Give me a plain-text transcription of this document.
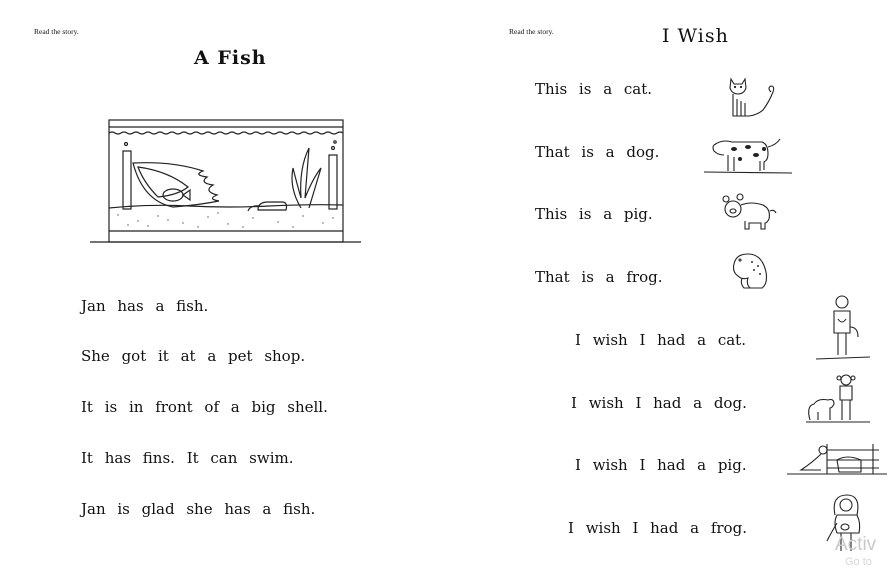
Read the story.
A Fish
Jan has a fish.
She got it at a pet shop.
It is in front of a big shell.
It has fins. It can swim.
Jan is glad she has a fish.
Read the story.	I Wish
This is a cat.
That is a dog.
This is a pig.
That is a frog.
I wish I had a cat.
I wish I had a dog.
I wish I had a pig.
I wish I had a frog.
Activ
Go to
